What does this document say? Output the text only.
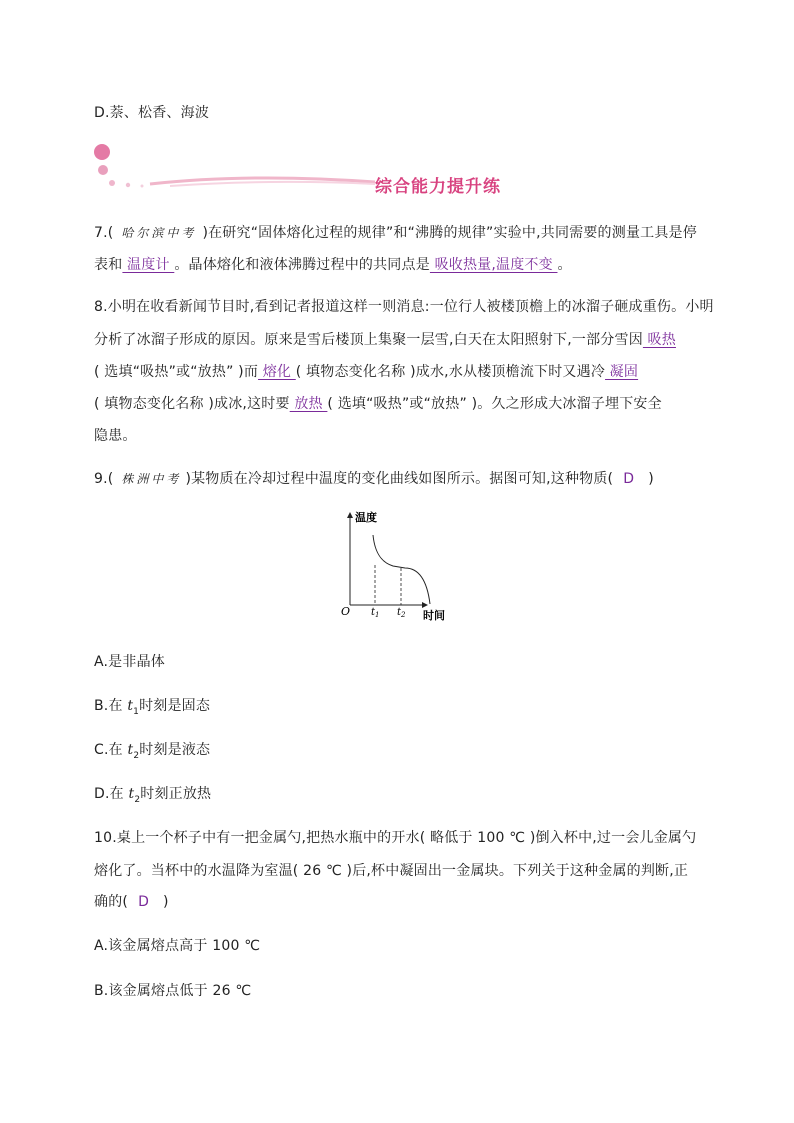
D.萘、松香、海波
综合能力提升练
7.( 哈尔滨中考 )在研究“固体熔化过程的规律”和“沸腾的规律”实验中,共同需要的测量工具是停
表和 温度计 。晶体熔化和液体沸腾过程中的共同点是 吸收热量,温度不变 。
8.小明在收看新闻节目时,看到记者报道这样一则消息:一位行人被楼顶檐上的冰溜子砸成重伤。小明
分析了冰溜子形成的原因。原来是雪后楼顶上集聚一层雪,白天在太阳照射下,一部分雪因 吸热
( 选填“吸热”或“放热” )而 熔化 ( 填物态变化名称 )成水,水从楼顶檐流下时又遇冷 凝固
( 填物态变化名称 )成冰,这时要 放热 ( 选填“吸热”或“放热” )。久之形成大冰溜子埋下安全
隐患。
9.( 株洲中考 )某物质在冷却过程中温度的变化曲线如图所示。据图可知,这种物质( D )
温度
时间
O $t_1$ $t_2$
A.是非晶体
B.在 $t_1$时刻是固态
C.在 $t_2$时刻是液态
D.在 $t_2$时刻正放热
10.桌上一个杯子中有一把金属勺,把热水瓶中的开水( 略低于 100 ℃ )倒入杯中,过一会儿金属勺
熔化了。当杯中的水温降为室温( 26 ℃ )后,杯中凝固出一金属块。下列关于这种金属的判断,正
确的( D )
A.该金属熔点高于 100 ℃
B.该金属熔点低于 26 ℃
